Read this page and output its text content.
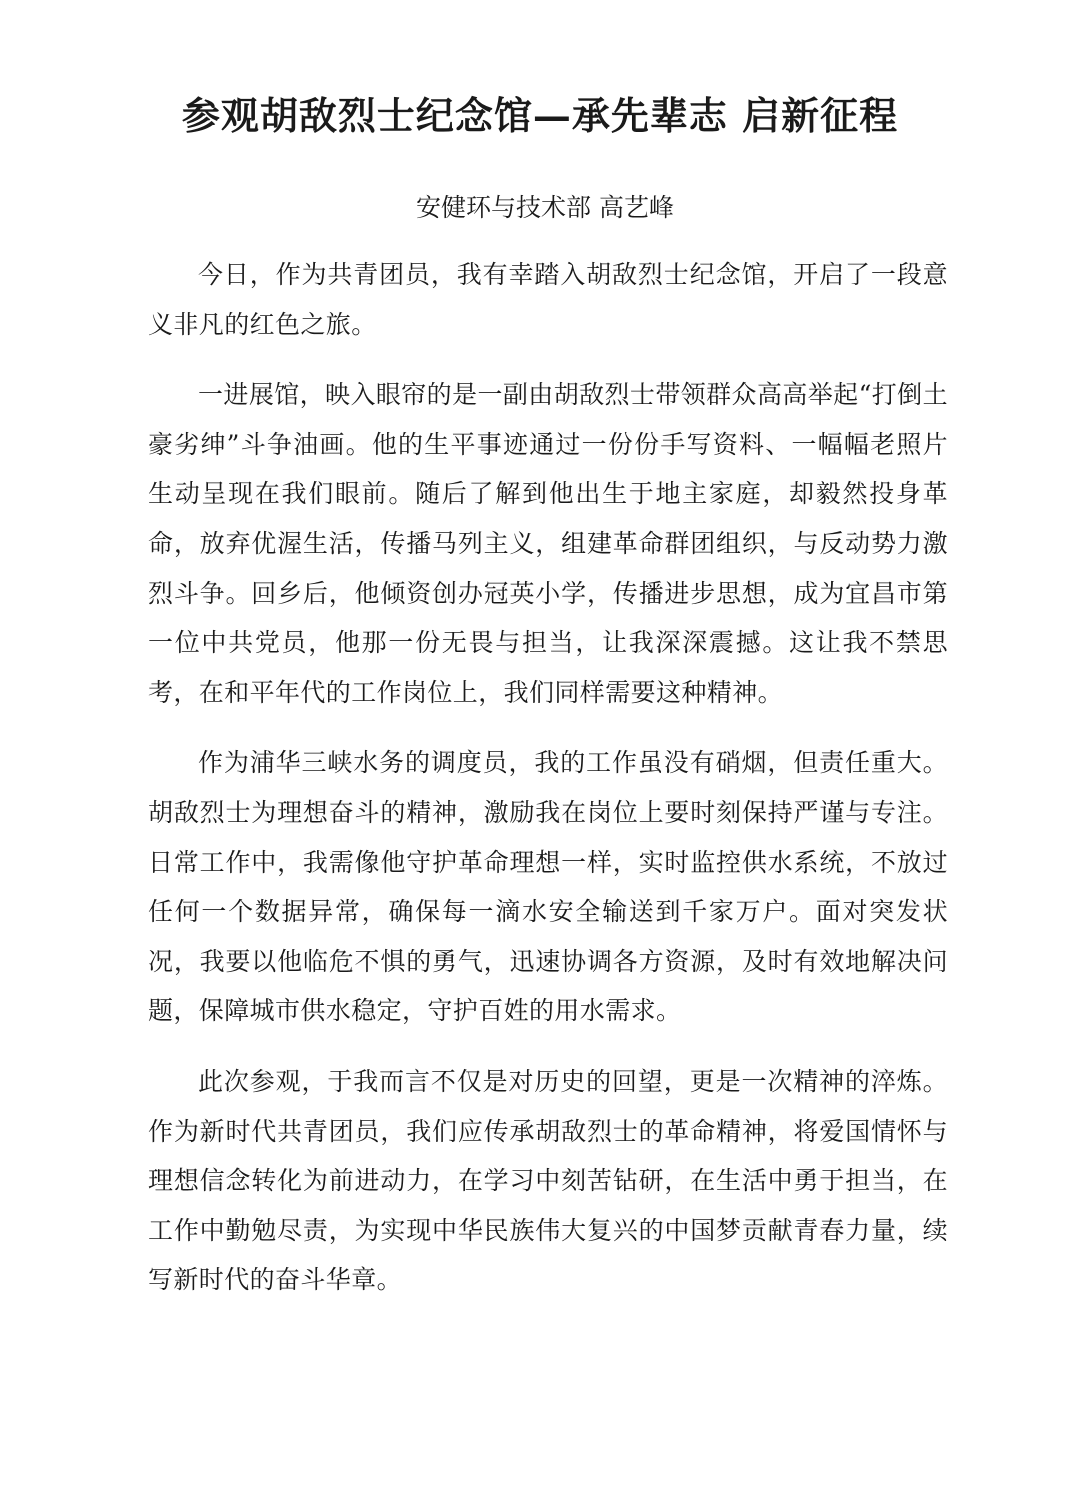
参观胡敌烈士纪念馆—承先辈志 启新征程

安健环与技术部 高艺峰

今日，作为共青团员，我有幸踏入胡敌烈士纪念馆，开启了一段意义非凡的红色之旅。

一进展馆，映入眼帘的是一副由胡敌烈士带领群众高高举起“打倒土豪劣绅”斗争油画。他的生平事迹通过一份份手写资料、一幅幅老照片生动呈现在我们眼前。随后了解到他出生于地主家庭，却毅然投身革命，放弃优渥生活，传播马列主义，组建革命群团组织，与反动势力激烈斗争。回乡后，他倾资创办冠英小学，传播进步思想，成为宜昌市第一位中共党员，他那一份无畏与担当，让我深深震撼。这让我不禁思考，在和平年代的工作岗位上，我们同样需要这种精神。

作为浦华三峡水务的调度员，我的工作虽没有硝烟，但责任重大。胡敌烈士为理想奋斗的精神，激励我在岗位上要时刻保持严谨与专注。日常工作中，我需像他守护革命理想一样，实时监控供水系统，不放过任何一个数据异常，确保每一滴水安全输送到千家万户。面对突发状况，我要以他临危不惧的勇气，迅速协调各方资源，及时有效地解决问题，保障城市供水稳定，守护百姓的用水需求。

此次参观，于我而言不仅是对历史的回望，更是一次精神的淬炼。作为新时代共青团员，我们应传承胡敌烈士的革命精神，将爱国情怀与理想信念转化为前进动力，在学习中刻苦钻研，在生活中勇于担当，在工作中勤勉尽责，为实现中华民族伟大复兴的中国梦贡献青春力量，续写新时代的奋斗华章。
